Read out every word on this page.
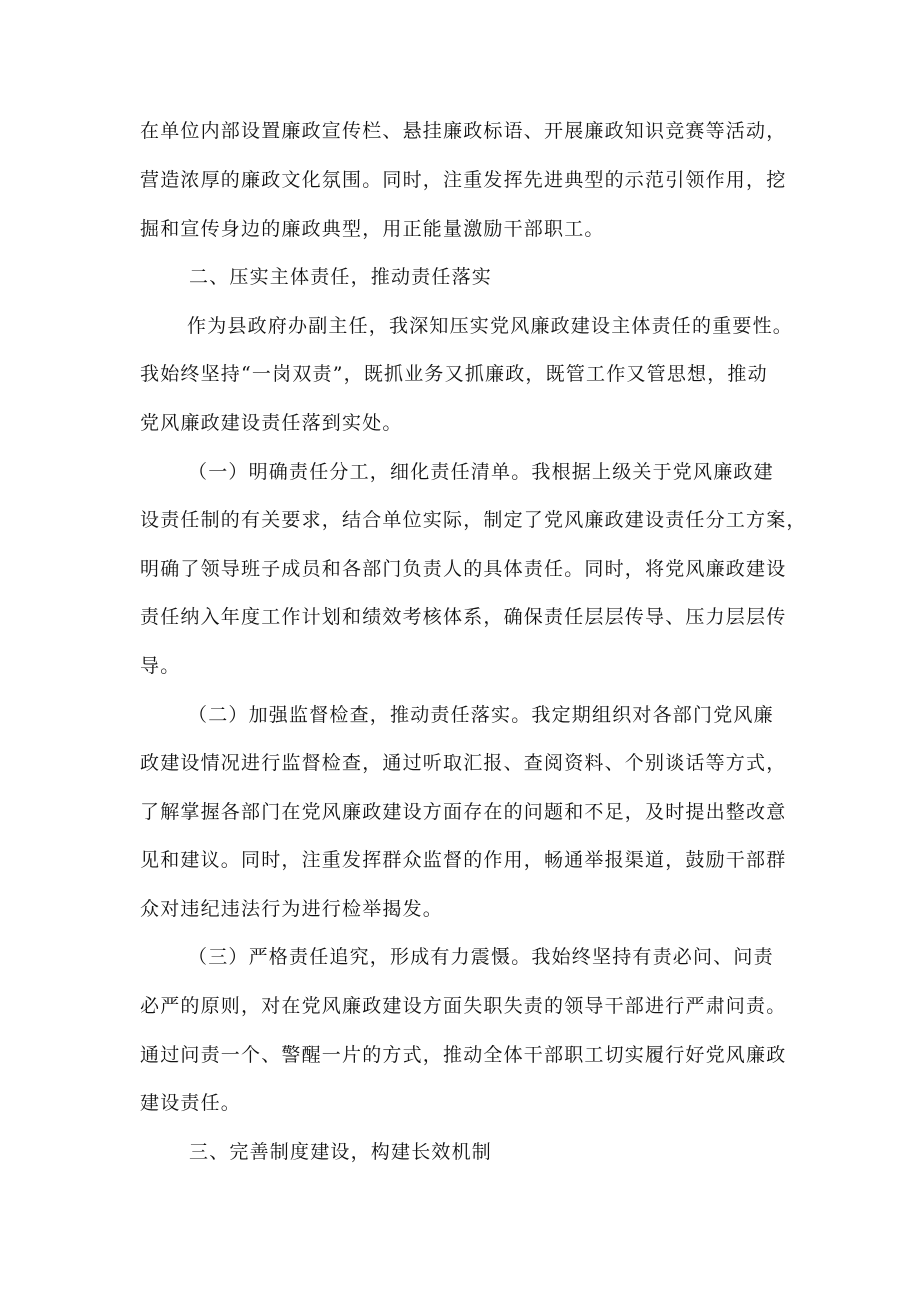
在单位内部设置廉政宣传栏、悬挂廉政标语、开展廉政知识竞赛等活动，
营造浓厚的廉政文化氛围。同时，注重发挥先进典型的示范引领作用，挖
掘和宣传身边的廉政典型，用正能量激励干部职工。
二、压实主体责任，推动责任落实
作为县政府办副主任，我深知压实党风廉政建设主体责任的重要性。
我始终坚持“一岗双责”，既抓业务又抓廉政，既管工作又管思想，推动
党风廉政建设责任落到实处。
（一）明确责任分工，细化责任清单。我根据上级关于党风廉政建
设责任制的有关要求，结合单位实际，制定了党风廉政建设责任分工方案，
明确了领导班子成员和各部门负责人的具体责任。同时，将党风廉政建设
责任纳入年度工作计划和绩效考核体系，确保责任层层传导、压力层层传
导。
（二）加强监督检查，推动责任落实。我定期组织对各部门党风廉
政建设情况进行监督检查，通过听取汇报、查阅资料、个别谈话等方式，
了解掌握各部门在党风廉政建设方面存在的问题和不足，及时提出整改意
见和建议。同时，注重发挥群众监督的作用，畅通举报渠道，鼓励干部群
众对违纪违法行为进行检举揭发。
（三）严格责任追究，形成有力震慑。我始终坚持有责必问、问责
必严的原则，对在党风廉政建设方面失职失责的领导干部进行严肃问责。
通过问责一个、警醒一片的方式，推动全体干部职工切实履行好党风廉政
建设责任。
三、完善制度建设，构建长效机制
